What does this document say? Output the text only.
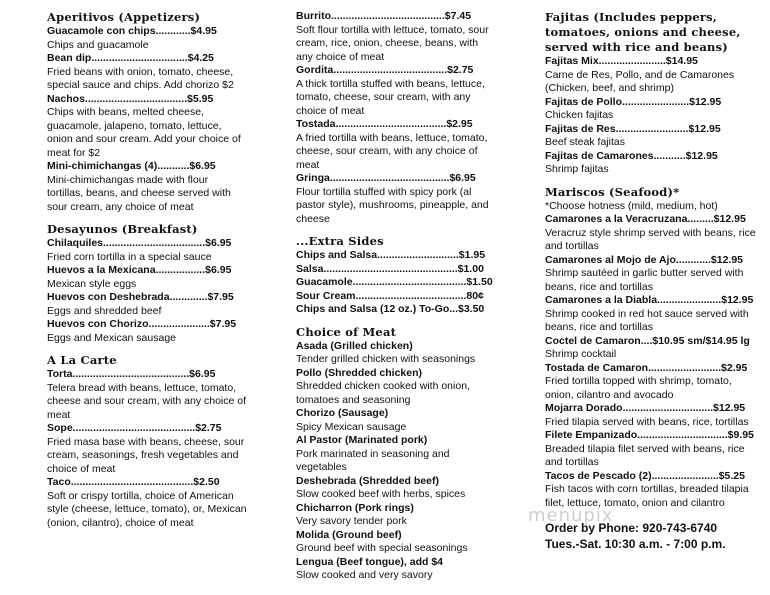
Aperitivos (Appetizers)
Guacamole con chips............$4.95
Chips and guacamole
Bean dip.................................$4.25
Fried beans with onion, tomato, cheese, special sauce and chips. Add chorizo $2
Nachos...................................$5.95
Chips with beans, melted cheese, guacamole, jalapeno, tomato, lettuce, onion and sour cream. Add your choice of meat for $2
Mini-chimichangas (4)...........$6.95
Mini-chimichangas made with flour tortillas, beans, and cheese served with sour cream, any choice of meat
Desayunos (Breakfast)
Chilaquiles...................................$6.95
Fried corn tortilla in a special sauce
Huevos a la Mexicana.................$6.95
Mexican style eggs
Huevos con Deshebrada.............$7.95
Eggs and shredded beef
Huevos con Chorizo.....................$7.95
Eggs and Mexican sausage
A La Carte
Torta........................................$6.95
Telera bread with beans, lettuce, tomato, cheese and sour cream, with any choice of meat
Sope..........................................$2.75
Fried masa base with beans, cheese, sour cream, seasonings, fresh vegetables and choice of meat
Taco..........................................$2.50
Soft or crispy tortilla, choice of American style (cheese, lettuce, tomato), or, Mexican (onion, cilantro), choice of meat
Burrito.......................................$7.45
Soft flour tortilla with lettuce, tomato, sour cream, rice, onion, cheese, beans, with any choice of meat
Gordita.......................................$2.75
A thick tortilla stuffed with beans, lettuce, tomato, cheese, sour cream, with any choice of meat
Tostada......................................$2.95
A fried tortilla with beans, lettuce, tomato, cheese, sour cream, with any choice of meat
Gringa.........................................$6.95
Flour tortilla stuffed with spicy pork (al pastor style), mushrooms, pineapple, and cheese
...Extra Sides
Chips and Salsa............................$1.95
Salsa..............................................$1.00
Guacamole.......................................$1.50
Sour Cream......................................80¢
Chips and Salsa (12 oz.) To-Go...$3.50
Choice of Meat
Asada (Grilled chicken)
Tender grilled chicken with seasonings
Pollo (Shredded chicken)
Shredded chicken cooked with onion, tomatoes and seasoning
Chorizo (Sausage)
Spicy Mexican sausage
Al Pastor (Marinated pork)
Pork marinated in seasoning and vegetables
Deshebrada (Shredded beef)
Slow cooked beef with herbs, spices
Chicharron (Pork rings)
Very savory tender pork
Molida (Ground beef)
Ground beef with special seasonings
Lengua (Beef tongue), add $4
Slow cooked and very savory
Fajitas (Includes peppers, tomatoes, onions and cheese, served with rice and beans)
Fajitas Mix.......................$14.95
Carne de Res, Pollo, and de Camarones (Chicken, beef, and shrimp)
Fajitas de Pollo.......................$12.95
Chicken fajitas
Fajitas de Res.........................$12.95
Beef steak fajitas
Fajitas de Camarones...........$12.95
Shrimp fajitas
Mariscos (Seafood)*
*Choose hotness (mild, medium, hot)
Camarones a la Veracruzana.........$12.95
Veracruz style shrimp served with beans, rice and tortillas
Camarones al Mojo de Ajo............$12.95
Shrimp sautéed in garlic butter served with beans, rice and tortillas
Camarones a la Diabla......................$12.95
Shrimp cooked in red hot sauce served with beans, rice and tortillas
Coctel de Camaron....$10.95 sm/$14.95 lg
Shrimp cocktail
Tostada de Camaron.........................$2.95
Fried tortilla topped with shrimp, tomato, onion, cilantro and avocado
Mojarra Dorado...............................$12.95
Fried tilapia served with beans, rice, tortillas
Filete Empanizado...............................$9.95
Breaded tilapia filet served with beans, rice and tortillas
Tacos de Pescado (2).......................$5.25
Fish tacos with corn tortillas, breaded tilapia filet, lettuce, tomato, onion and cilantro
Order by Phone: 920-743-6740
Tues.-Sat. 10:30 a.m. - 7:00 p.m.
menupix
